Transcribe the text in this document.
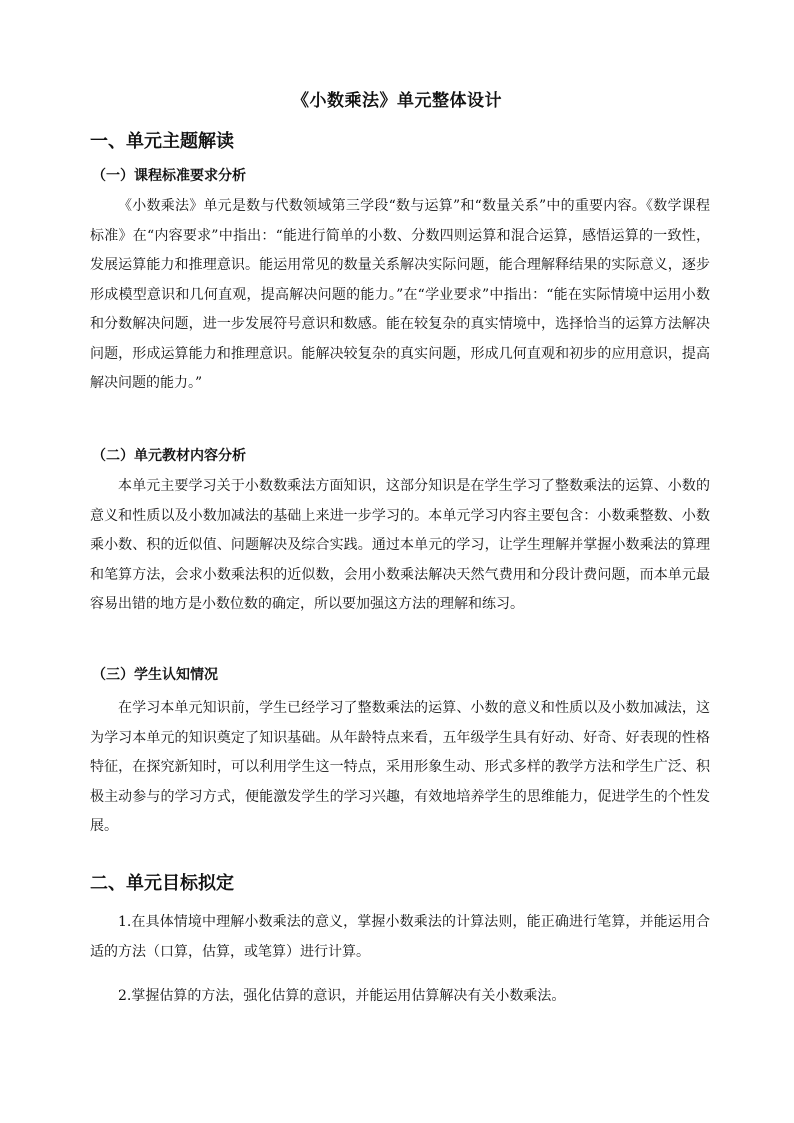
《小数乘法》单元整体设计
一、单元主题解读
（一）课程标准要求分析
《小数乘法》单元是数与代数领域第三学段“数与运算”和“数量关系”中的重要内容。《数学课程标准》在“内容要求”中指出：“能进行简单的小数、分数四则运算和混合运算，感悟运算的一致性，发展运算能力和推理意识。能运用常见的数量关系解决实际问题，能合理解释结果的实际意义，逐步形成模型意识和几何直观，提高解决问题的能力。”在“学业要求”中指出：“能在实际情境中运用小数和分数解决问题，进一步发展符号意识和数感。能在较复杂的真实情境中，选择恰当的运算方法解决问题，形成运算能力和推理意识。能解决较复杂的真实问题，形成几何直观和初步的应用意识，提高解决问题的能力。”
（二）单元教材内容分析
本单元主要学习关于小数数乘法方面知识，这部分知识是在学生学习了整数乘法的运算、小数的意义和性质以及小数加减法的基础上来进一步学习的。本单元学习内容主要包含：小数乘整数、小数乘小数、积的近似值、问题解决及综合实践。通过本单元的学习，让学生理解并掌握小数乘法的算理和笔算方法，会求小数乘法积的近似数，会用小数乘法解决天然气费用和分段计费问题，而本单元最容易出错的地方是小数位数的确定，所以要加强这方法的理解和练习。
（三）学生认知情况
在学习本单元知识前，学生已经学习了整数乘法的运算、小数的意义和性质以及小数加减法，这为学习本单元的知识奠定了知识基础。从年龄特点来看，五年级学生具有好动、好奇、好表现的性格特征，在探究新知时，可以利用学生这一特点，采用形象生动、形式多样的教学方法和学生广泛、积极主动参与的学习方式，便能激发学生的学习兴趣，有效地培养学生的思维能力，促进学生的个性发展。
二、单元目标拟定
1.在具体情境中理解小数乘法的意义，掌握小数乘法的计算法则，能正确进行笔算，并能运用合适的方法（口算，估算，或笔算）进行计算。
2.掌握估算的方法，强化估算的意识，并能运用估算解决有关小数乘法。
